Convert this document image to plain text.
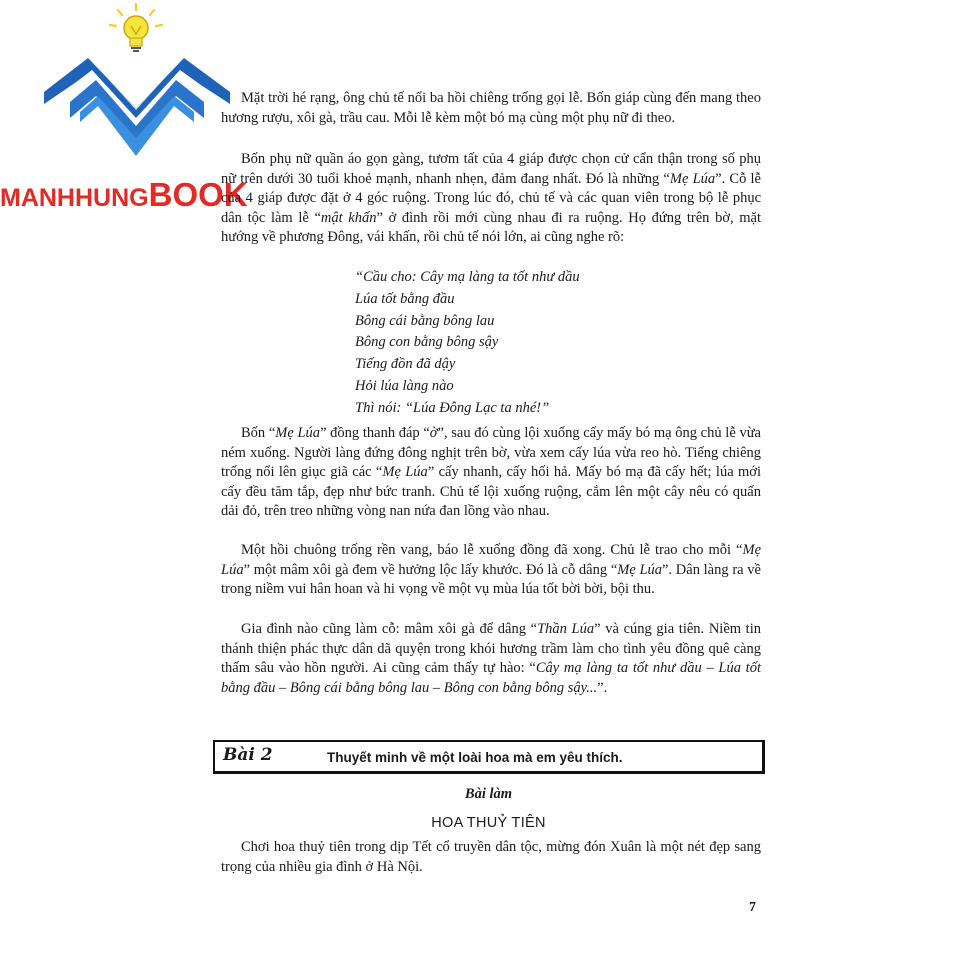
MANHHUNGBOOK

Mặt trời hé rạng, ông chủ tế nổi ba hồi chiêng trống gọi lễ. Bốn giáp cùng đến mang theo hương rượu, xôi gà, trầu cau. Mỗi lễ kèm một bó mạ cùng một phụ nữ đi theo.

Bốn phụ nữ quần áo gọn gàng, tươm tất của 4 giáp được chọn cử cẩn thận trong số phụ nữ trên dưới 30 tuổi khoẻ mạnh, nhanh nhẹn, đảm đang nhất. Đó là những “Mẹ Lúa”. Cỗ lễ của 4 giáp được đặt ở 4 góc ruộng. Trong lúc đó, chủ tế và các quan viên trong bộ lễ phục dân tộc làm lễ “mật khấn” ở đình rồi mới cùng nhau đi ra ruộng. Họ đứng trên bờ, mặt hướng về phương Đông, vái khấn, rồi chủ tế nói lớn, ai cũng nghe rõ:

“Cầu cho: Cây mạ làng ta tốt như dầu
Lúa tốt bằng đầu
Bông cái bằng bông lau
Bông con bằng bông sậy
Tiếng đồn đã dậy
Hỏi lúa làng nào
Thì nói: “Lúa Đông Lạc ta nhé!”

Bốn “Mẹ Lúa” đồng thanh đáp “ờ”, sau đó cùng lội xuống cấy mấy bó mạ ông chủ lễ vừa ném xuống. Người làng đứng đông nghịt trên bờ, vừa xem cấy lúa vừa reo hò. Tiếng chiêng trống nổi lên giục giã các “Mẹ Lúa” cấy nhanh, cấy hối hả. Mấy bó mạ đã cấy hết; lúa mới cấy đều tăm tắp, đẹp như bức tranh. Chủ tế lội xuống ruộng, cắm lên một cây nêu có quấn dải đỏ, trên treo những vòng nan nứa đan lồng vào nhau.

Một hồi chuông trống rền vang, báo lễ xuống đồng đã xong. Chủ lễ trao cho mỗi “Mẹ Lúa” một mâm xôi gà đem về hưởng lộc lấy khước. Đó là cỗ dâng “Mẹ Lúa”. Dân làng ra về trong niềm vui hân hoan và hi vọng về một vụ mùa lúa tốt bời bời, bội thu.

Gia đình nào cũng làm cỗ: mâm xôi gà để dâng “Thần Lúa” và cúng gia tiên. Niềm tin thánh thiện phác thực dân dã quyện trong khói hương trầm làm cho tình yêu đồng quê càng thấm sâu vào hồn người. Ai cũng cảm thấy tự hào: “Cây mạ làng ta tốt như dầu – Lúa tốt bằng đầu – Bông cái bằng bông lau – Bông con bằng bông sậy...”.

Bài 2	Thuyết minh về một loài hoa mà em yêu thích.
Bài làm
HOA THUỶ TIÊN

Chơi hoa thuỷ tiên trong dịp Tết cổ truyền dân tộc, mừng đón Xuân là một nét đẹp sang trọng của nhiều gia đình ở Hà Nội.

7
